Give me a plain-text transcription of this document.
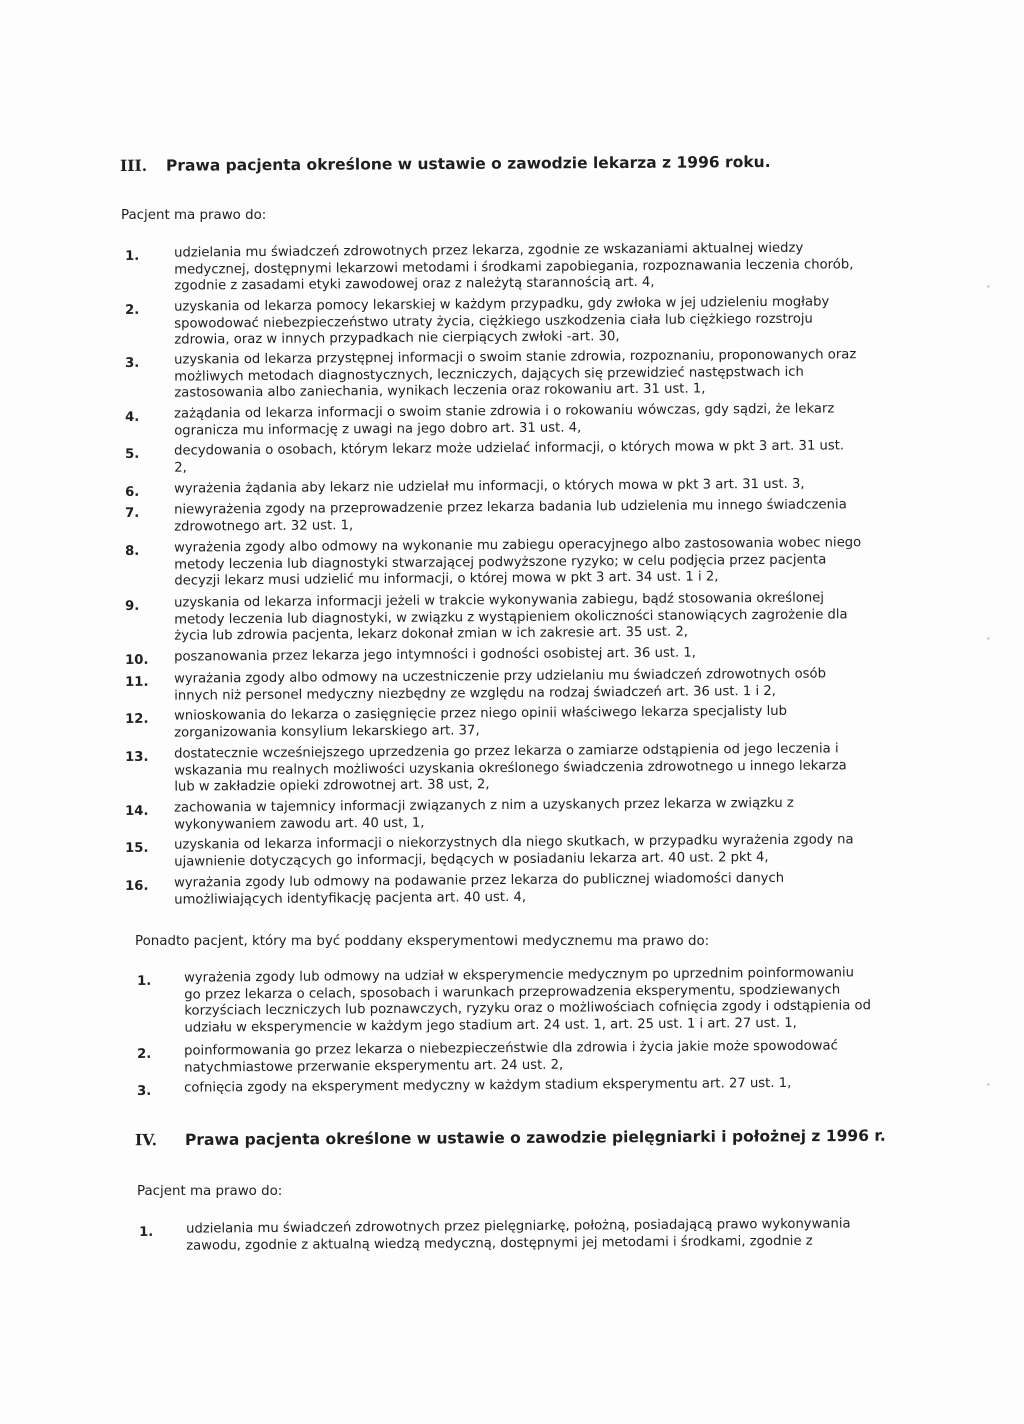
III. Prawa pacjenta określone w ustawie o zawodzie lekarza z 1996 roku.
Pacjent ma prawo do:
1.	udzielania mu świadczeń zdrowotnych przez lekarza, zgodnie ze wskazaniami aktualnej wiedzy
medycznej, dostępnymi lekarzowi metodami i środkami zapobiegania, rozpoznawania leczenia chorób,
zgodnie z zasadami etyki zawodowej oraz z należytą starannością art. 4,
2.	uzyskania od lekarza pomocy lekarskiej w każdym przypadku, gdy zwłoka w jej udzieleniu mogłaby
spowodować niebezpieczeństwo utraty życia, ciężkiego uszkodzenia ciała lub ciężkiego rozstroju
zdrowia, oraz w innych przypadkach nie cierpiących zwłoki -art. 30,
3.	uzyskania od lekarza przystępnej informacji o swoim stanie zdrowia, rozpoznaniu, proponowanych oraz
możliwych metodach diagnostycznych, leczniczych, dających się przewidzieć następstwach ich
zastosowania albo zaniechania, wynikach leczenia oraz rokowaniu art. 31 ust. 1,
4.	zażądania od lekarza informacji o swoim stanie zdrowia i o rokowaniu wówczas, gdy sądzi, że lekarz
ogranicza mu informację z uwagi na jego dobro art. 31 ust. 4,
5.	decydowania o osobach, którym lekarz może udzielać informacji, o których mowa w pkt 3 art. 31 ust.
2,
6.	wyrażenia żądania aby lekarz nie udzielał mu informacji, o których mowa w pkt 3 art. 31 ust. 3,
7.	niewyrażenia zgody na przeprowadzenie przez lekarza badania lub udzielenia mu innego świadczenia
zdrowotnego art. 32 ust. 1,
8.	wyrażenia zgody albo odmowy na wykonanie mu zabiegu operacyjnego albo zastosowania wobec niego
metody leczenia lub diagnostyki stwarzającej podwyższone ryzyko; w celu podjęcia przez pacjenta
decyzji lekarz musi udzielić mu informacji, o której mowa w pkt 3 art. 34 ust. 1 i 2,
9.	uzyskania od lekarza informacji jeżeli w trakcie wykonywania zabiegu, bądź stosowania określonej
metody leczenia lub diagnostyki, w związku z wystąpieniem okoliczności stanowiących zagrożenie dla
życia lub zdrowia pacjenta, lekarz dokonał zmian w ich zakresie art. 35 ust. 2,
10.	poszanowania przez lekarza jego intymności i godności osobistej art. 36 ust. 1,
11.	wyrażania zgody albo odmowy na uczestniczenie przy udzielaniu mu świadczeń zdrowotnych osób
innych niż personel medyczny niezbędny ze względu na rodzaj świadczeń art. 36 ust. 1 i 2,
12.	wnioskowania do lekarza o zasięgnięcie przez niego opinii właściwego lekarza specjalisty lub
zorganizowania konsylium lekarskiego art. 37,
13.	dostatecznie wcześniejszego uprzedzenia go przez lekarza o zamiarze odstąpienia od jego leczenia i
wskazania mu realnych możliwości uzyskania określonego świadczenia zdrowotnego u innego lekarza
lub w zakładzie opieki zdrowotnej art. 38 ust, 2,
14.	zachowania w tajemnicy informacji związanych z nim a uzyskanych przez lekarza w związku z
wykonywaniem zawodu art. 40 ust, 1,
15.	uzyskania od lekarza informacji o niekorzystnych dla niego skutkach, w przypadku wyrażenia zgody na
ujawnienie dotyczących go informacji, będących w posiadaniu lekarza art. 40 ust. 2 pkt 4,
16.	wyrażania zgody lub odmowy na podawanie przez lekarza do publicznej wiadomości danych
umożliwiających identyfikację pacjenta art. 40 ust. 4,
Ponadto pacjent, który ma być poddany eksperymentowi medycznemu ma prawo do:
1.	wyrażenia zgody lub odmowy na udział w eksperymencie medycznym po uprzednim poinformowaniu
go przez lekarza o celach, sposobach i warunkach przeprowadzenia eksperymentu, spodziewanych
korzyściach leczniczych lub poznawczych, ryzyku oraz o możliwościach cofnięcia zgody i odstąpienia od
udziału w eksperymencie w każdym jego stadium art. 24 ust. 1, art. 25 ust. 1 i art. 27 ust. 1,
2.	poinformowania go przez lekarza o niebezpieczeństwie dla zdrowia i życia jakie może spowodować
natychmiastowe przerwanie eksperymentu art. 24 ust. 2,
3.	cofnięcia zgody na eksperyment medyczny w każdym stadium eksperymentu art. 27 ust. 1,
IV. Prawa pacjenta określone w ustawie o zawodzie pielęgniarki i położnej z 1996 r.
Pacjent ma prawo do:
1.	udzielania mu świadczeń zdrowotnych przez pielęgniarkę, położną, posiadającą prawo wykonywania
zawodu, zgodnie z aktualną wiedzą medyczną, dostępnymi jej metodami i środkami, zgodnie z
▪
▪
▪
